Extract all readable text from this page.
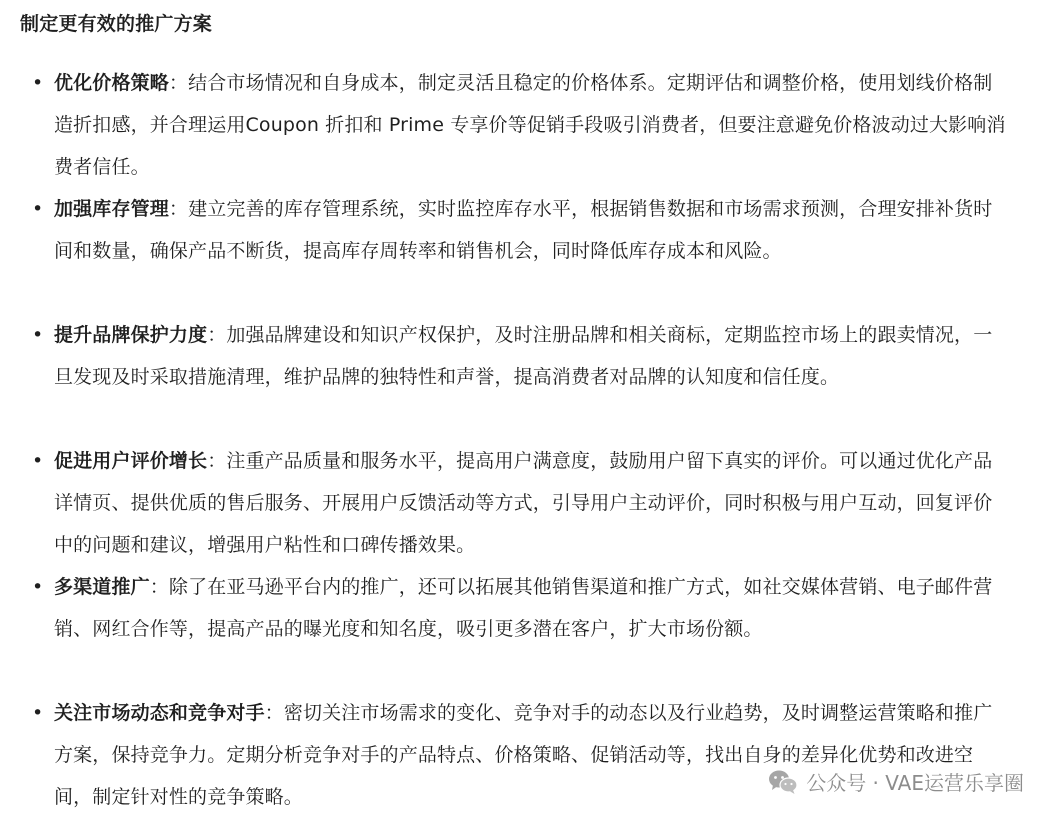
制定更有效的推广方案

• 优化价格策略：结合市场情况和自身成本，制定灵活且稳定的价格体系。定期评估和调整价格，使用划线价格制造折扣感，并合理运用Coupon 折扣和 Prime 专享价等促销手段吸引消费者，但要注意避免价格波动过大影响消费者信任。

• 加强库存管理：建立完善的库存管理系统，实时监控库存水平，根据销售数据和市场需求预测，合理安排补货时间和数量，确保产品不断货，提高库存周转率和销售机会，同时降低库存成本和风险。

• 提升品牌保护力度：加强品牌建设和知识产权保护，及时注册品牌和相关商标，定期监控市场上的跟卖情况，一旦发现及时采取措施清理，维护品牌的独特性和声誉，提高消费者对品牌的认知度和信任度。

• 促进用户评价增长：注重产品质量和服务水平，提高用户满意度，鼓励用户留下真实的评价。可以通过优化产品详情页、提供优质的售后服务、开展用户反馈活动等方式，引导用户主动评价，同时积极与用户互动，回复评价中的问题和建议，增强用户粘性和口碑传播效果。

• 多渠道推广：除了在亚马逊平台内的推广，还可以拓展其他销售渠道和推广方式，如社交媒体营销、电子邮件营销、网红合作等，提高产品的曝光度和知名度，吸引更多潜在客户，扩大市场份额。

• 关注市场动态和竞争对手：密切关注市场需求的变化、竞争对手的动态以及行业趋势，及时调整运营策略和推广方案，保持竞争力。定期分析竞争对手的产品特点、价格策略、促销活动等，找出自身的差异化优势和改进空间，制定针对性的竞争策略。

公众号 · VAE运营乐享圈
